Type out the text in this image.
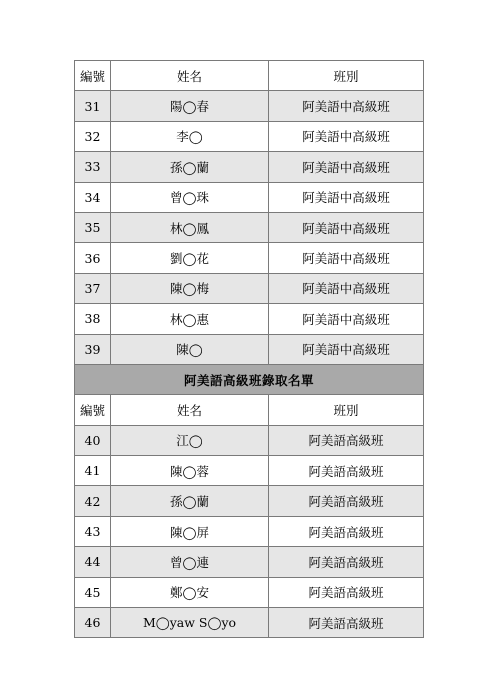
編號	姓名	班別
31	陽◯春	阿美語中高級班
32	李◯	阿美語中高級班
33	孫◯蘭	阿美語中高級班
34	曾◯珠	阿美語中高級班
35	林◯鳳	阿美語中高級班
36	劉◯花	阿美語中高級班
37	陳◯梅	阿美語中高級班
38	林◯惠	阿美語中高級班
39	陳◯	阿美語中高級班
阿美語高級班錄取名單		
編號	姓名	班別
40	江◯	阿美語高級班
41	陳◯蓉	阿美語高級班
42	孫◯蘭	阿美語高級班
43	陳◯屏	阿美語高級班
44	曾◯連	阿美語高級班
45	鄭◯安	阿美語高級班
46	M◯yaw S◯yo	阿美語高級班
